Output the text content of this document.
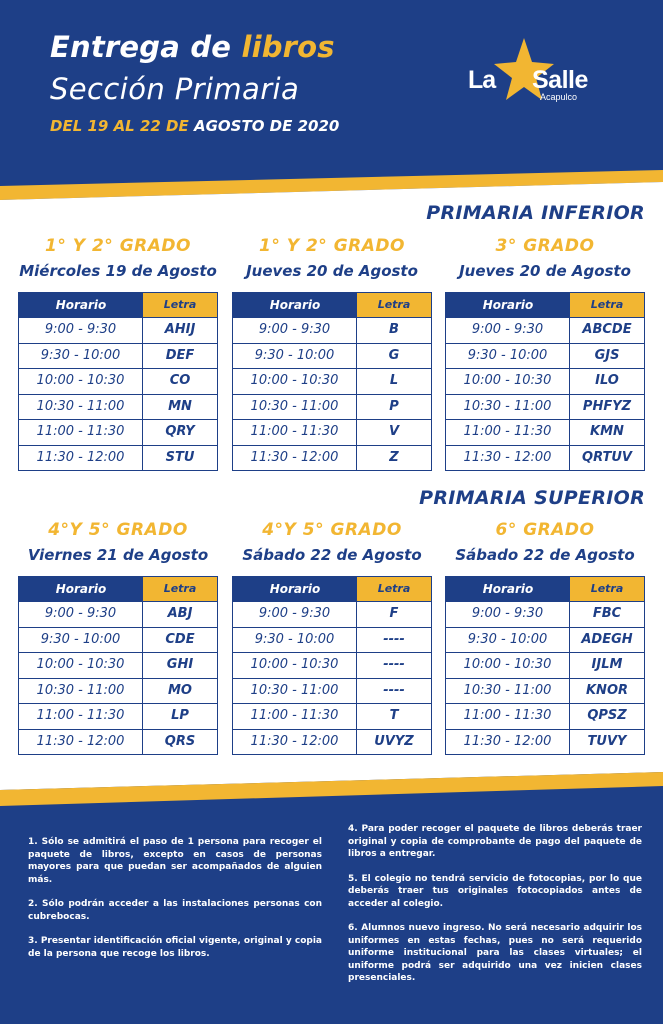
Entrega de libros
Sección Primaria
DEL 19 AL 22 DE AGOSTO DE 2020
La Salle
Acapulco
PRIMARIA INFERIOR
1° Y 2° GRADO
Miércoles 19 de Agosto
Horario	Letra
9:00 - 9:30	AHIJ
9:30 - 10:00	DEF
10:00 - 10:30	CO
10:30 - 11:00	MN
11:00 - 11:30	QRY
11:30 - 12:00	STU
1° Y 2° GRADO
Jueves 20 de Agosto
Horario	Letra
9:00 - 9:30	B
9:30 - 10:00	G
10:00 - 10:30	L
10:30 - 11:00	P
11:00 - 11:30	V
11:30 - 12:00	Z
3° GRADO
Jueves 20 de Agosto
Horario	Letra
9:00 - 9:30	ABCDE
9:30 - 10:00	GJS
10:00 - 10:30	ILO
10:30 - 11:00	PHFYZ
11:00 - 11:30	KMN
11:30 - 12:00	QRTUV
PRIMARIA SUPERIOR
4°Y 5° GRADO
Viernes 21 de Agosto
Horario	Letra
9:00 - 9:30	ABJ
9:30 - 10:00	CDE
10:00 - 10:30	GHI
10:30 - 11:00	MO
11:00 - 11:30	LP
11:30 - 12:00	QRS
4°Y 5° GRADO
Sábado 22 de Agosto
Horario	Letra
9:00 - 9:30	F
9:30 - 10:00	----
10:00 - 10:30	----
10:30 - 11:00	----
11:00 - 11:30	T
11:30 - 12:00	UVYZ
6° GRADO
Sábado 22 de Agosto
Horario	Letra
9:00 - 9:30	FBC
9:30 - 10:00	ADEGH
10:00 - 10:30	IJLM
10:30 - 11:00	KNOR
11:00 - 11:30	QPSZ
11:30 - 12:00	TUVY

1. Sólo se admitirá el paso de 1 persona para recoger el paquete de libros, excepto en casos de personas mayores para que puedan ser acompañados de alguien más.

2. Sólo podrán acceder a las instalaciones personas con cubrebocas.

3. Presentar identificación oficial vigente, original y copia de la persona que recoge los libros.

4. Para poder recoger el paquete de libros deberás traer original y copia de comprobante de pago del paquete de libros a entregar.

5. El colegio no tendrá servicio de fotocopias, por lo que deberás traer tus originales fotocopiados antes de acceder al colegio.

6. Alumnos nuevo ingreso. No será necesario adquirir los uniformes en estas fechas, pues no será requerido uniforme institucional para las clases virtuales; el uniforme podrá ser adquirido una vez inicien clases presenciales.
